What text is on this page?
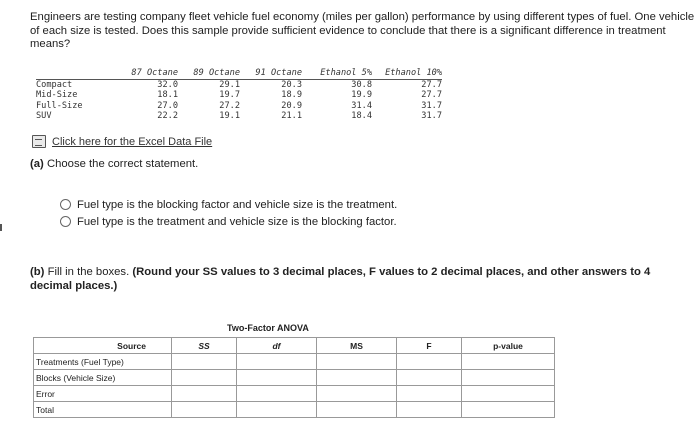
Engineers are testing company fleet vehicle fuel economy (miles per gallon) performance by using different types of fuel. One vehicle
of each size is tested. Does this sample provide sufficient evidence to conclude that there is a significant difference in treatment
means?
	87 Octane	89 Octane	91 Octane	Ethanol 5%	Ethanol 10%
Compact	32.0	29.1	20.3	30.8	27.7
Mid-Size	18.1	19.7	18.9	19.9	27.7
Full-Size	27.0	27.2	20.9	31.4	31.7
SUV	22.2	19.1	21.1	18.4	31.7
Click here for the Excel Data File
(a) Choose the correct statement.
Fuel type is the blocking factor and vehicle size is the treatment.
Fuel type is the treatment and vehicle size is the blocking factor.
(b) Fill in the boxes. (Round your SS values to 3 decimal places, F values to 2 decimal places, and other answers to 4 decimal places.)
Two-Factor ANOVA
Source	SS	df	MS	F	p-value
Treatments (Fuel Type)					
Blocks (Vehicle Size)					
Error					
Total					
